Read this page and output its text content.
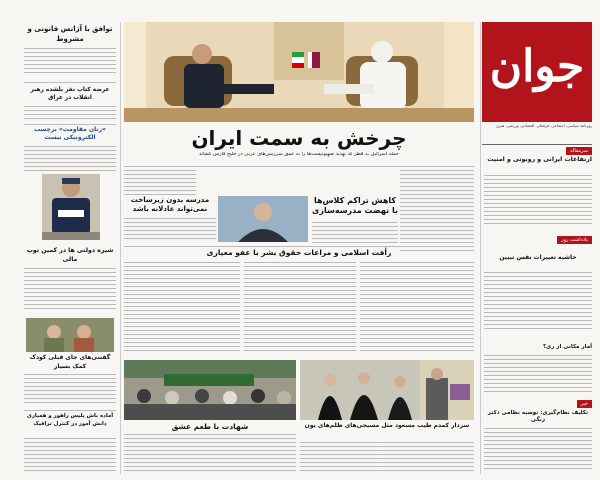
جوان
روزنامه سیاسی، اجتماعی، فرهنگی، اقتصادی، ورزشی، هنری
سرمقاله
ارتفاعات ایرانی و روبوتی و امنیت
یادداشت روز
حاشیه تغییرات نفس تبیین
آمار مکانی از ری؟
خبر
تکلیف نظام‌گیری: توصیه نظامی دکتر زنگی
چرخش به سمت ایران
حمله اسرائیل به قطر که تهدید صهیونیست‌ها را به عمق سرزمین‌های عربی در خلیج فارس کشاند
مدرسه بدون زیرساخت نمی‌تواند عادلانه باشد
کاهش تراکم کلاس‌ها با نهضت مدرسه‌سازی
رأفت اسلامی و مراعات حقوق بشر با عفو معیاری
شهادت با طعم عشق	سردار کمدم طیب مسعود مثل مسیحی‌های ظلم‌های یون
توافق با آژانس قانونی و مشروط
عرضه کتاب نفر بلشده رهبر انقلاب در عراق
«زنان مقاومت» برچسب الکترونیکی نیست
شیره دولتی ها در کمین توپ مالی
گفتنی‌های جای قبلی کودک کمک بسیار
آماده باش پلیس راهور و همیاری دانش آموز در کنترل ترافیک
